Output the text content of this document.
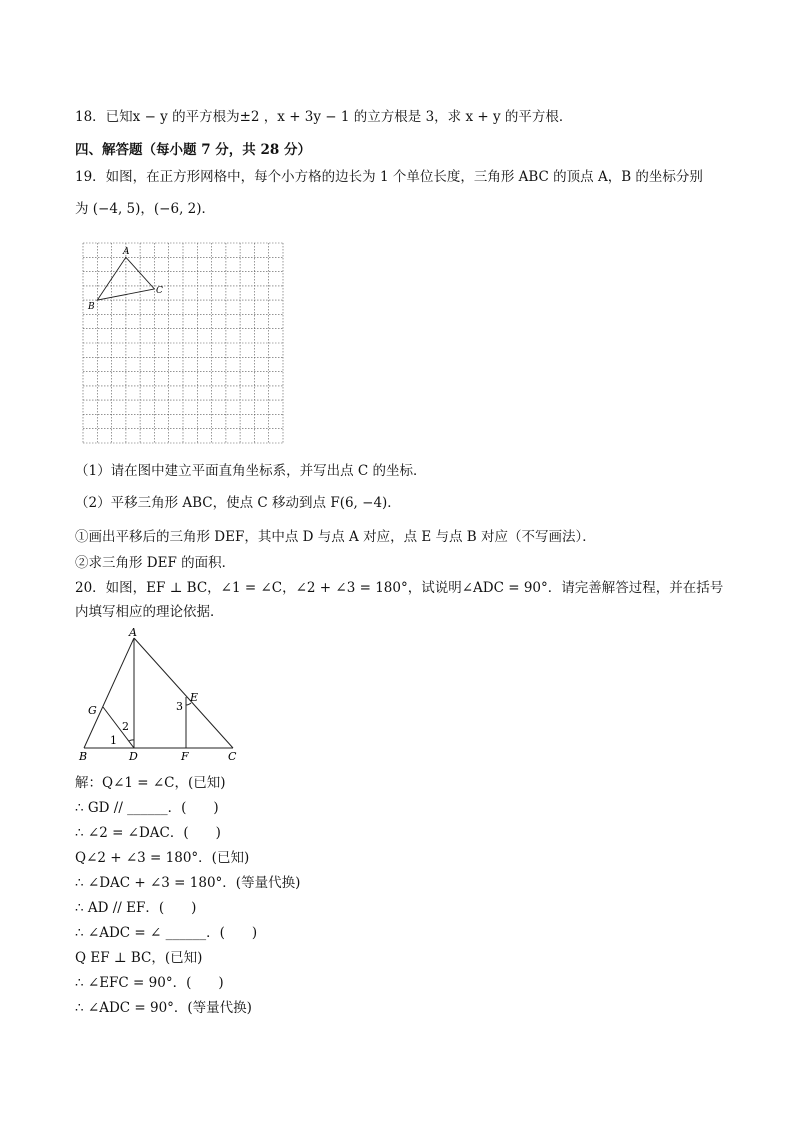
18．已知x − y 的平方根为±2 ，x + 3y − 1 的立方根是 3，求 x + y 的平方根．
四、解答题（每小题 7 分，共 28 分）
19．如图，在正方形网格中，每个小方格的边长为 1 个单位长度，三角形 ABC 的顶点 A，B 的坐标分别
为 (−4, 5)，(−6, 2)．
A
B
C
（1）请在图中建立平面直角坐标系，并写出点 C 的坐标．
（2）平移三角形 ABC，使点 C 移动到点 F(6, −4)．
①画出平移后的三角形 DEF，其中点 D 与点 A 对应，点 E 与点 B 对应（不写画法）．
②求三角形 DEF 的面积．
20．如图，EF ⊥ BC，∠1 = ∠C，∠2 + ∠3 = 180°，试说明∠ADC = 90°．请完善解答过程，并在括号
内填写相应的理论依据．
A
G
E
B	D	F	C
1
2
3
解：Q∠1 = ∠C，(已知)
∴ GD // ______．(　　)
∴ ∠2 = ∠DAC．(　　)
Q∠2 + ∠3 = 180°．(已知)
∴ ∠DAC + ∠3 = 180°．(等量代换)
∴ AD // EF．(　　)
∴ ∠ADC = ∠ ______．(　　)
Q EF ⊥ BC，(已知)
∴ ∠EFC = 90°．(　　)
∴ ∠ADC = 90°．(等量代换)
